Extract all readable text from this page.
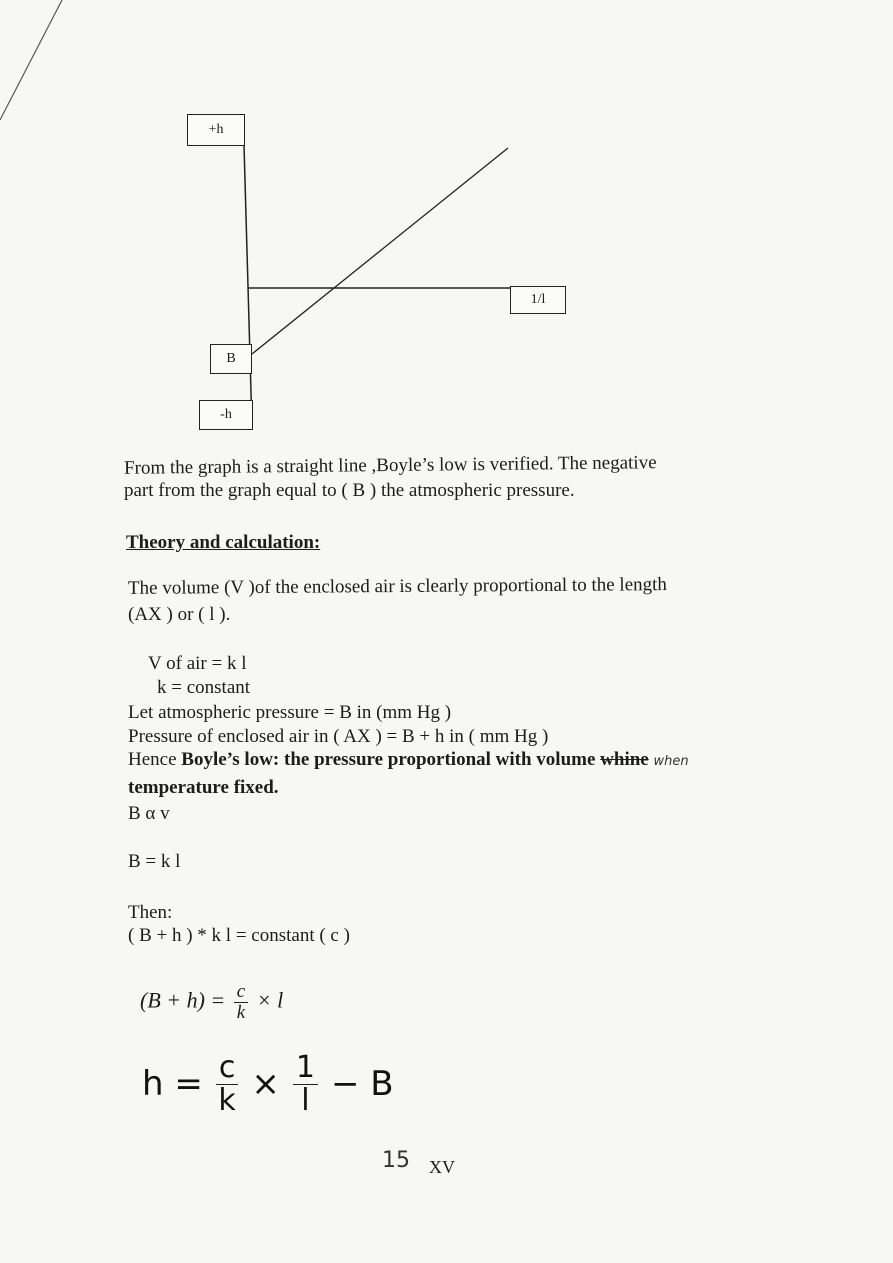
+h
1/l
B
-h
From the graph is a straight line ,Boyle’s low is verified. The negative
part from the graph equal to ( B ) the atmospheric pressure.
Theory and calculation:
The volume (V )of the enclosed air is clearly proportional to the length
(AX ) or ( l ).
V of air = k l
k = constant
Let atmospheric pressure = B in (mm Hg )
Pressure of enclosed air in ( AX ) = B + h in ( mm Hg )
Hence Boyle’s low: the pressure proportional with volume whine when
temperature fixed.
B α v
B = k l
Then:
( B + h ) * k l = constant ( c )
$(B + h) = \frac{c}{k} \times l$
$h = \frac{c}{k} \times \frac{1}{l} - B$
15 XV
